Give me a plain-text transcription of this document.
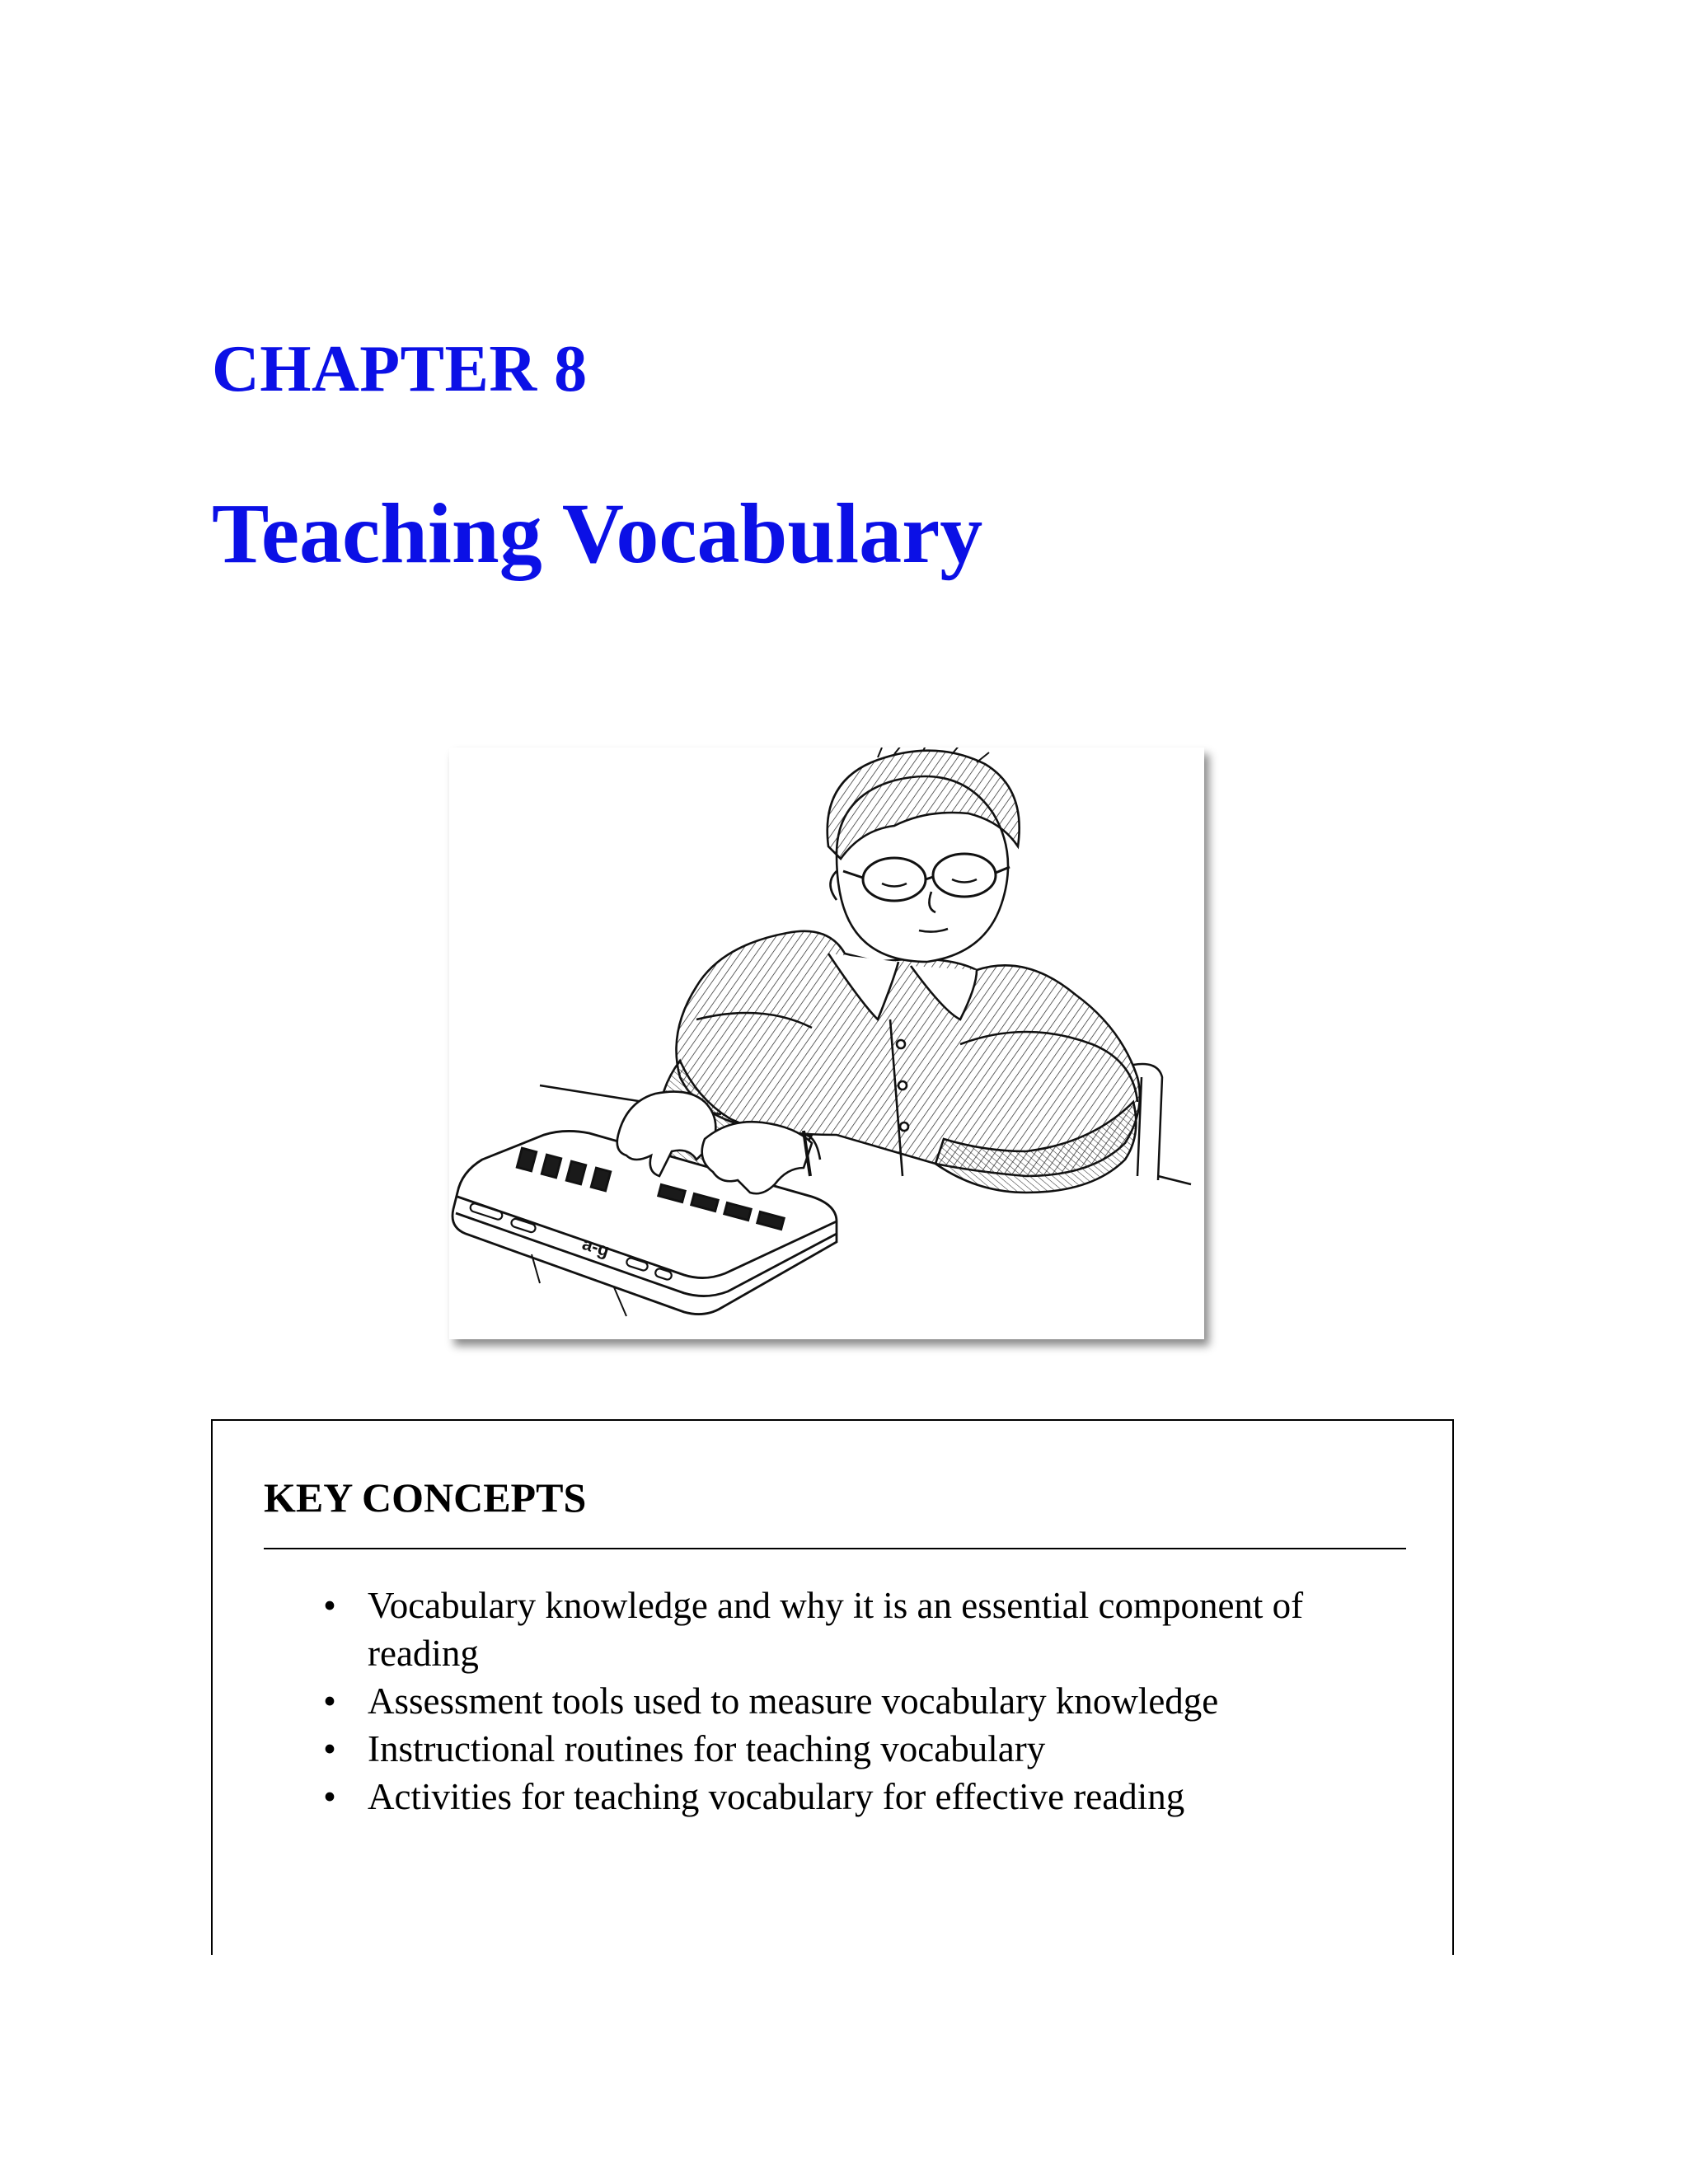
CHAPTER 8
Teaching Vocabulary
a-g
KEY CONCEPTS
• Vocabulary knowledge and why it is an essential component of reading
• Assessment tools used to measure vocabulary knowledge
• Instructional routines for teaching vocabulary
• Activities for teaching vocabulary for effective reading
